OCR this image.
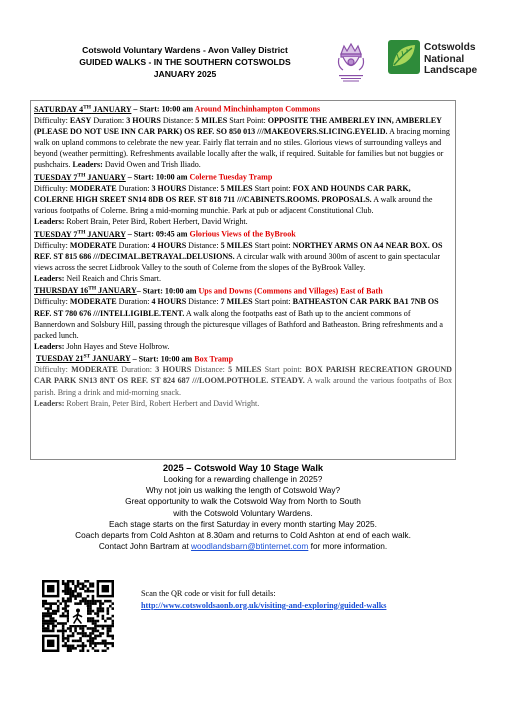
Cotswold Voluntary Wardens - Avon Valley District
GUIDED WALKS - IN THE SOUTHERN COTSWOLDS
JANUARY 2025
Cotswolds
National
Landscape

SATURDAY 4TH JANUARY – Start: 10:00 am Around Minchinhampton Commons
Difficulty: EASY Duration: 3 HOURS Distance: 5 MILES Start Point: OPPOSITE THE AMBERLEY INN, AMBERLEY (PLEASE DO NOT USE INN CAR PARK) OS REF. SO 850 013 ///MAKEOVERS.SLICING.EYELID. A bracing morning walk on upland commons to celebrate the new year. Fairly flat terrain and no stiles. Glorious views of surrounding valleys and beyond (weather permitting). Refreshments available locally after the walk, if required. Suitable for families but not buggies or pushchairs. Leaders: David Owen and Trish Iliado.

TUESDAY 7TH JANUARY – Start: 10:00 am Colerne Tuesday Tramp
Difficulty: MODERATE Duration: 3 HOURS Distance: 5 MILES Start point: FOX AND HOUNDS CAR PARK, COLERNE HIGH SREET SN14 8DB OS REF. ST 818 711 ///CABINETS.ROOMS. PROPOSALS. A walk around the various footpaths of Colerne. Bring a mid-morning munchie. Park at pub or adjacent Constitutional Club.
Leaders: Robert Brain, Peter Bird, Robert Herbert, David Wright.

TUESDAY 7TH JANUARY – Start: 09:45 am Glorious Views of the ByBrook
Difficulty: MODERATE Duration: 4 HOURS Distance: 5 MILES Start point: NORTHEY ARMS ON A4 NEAR BOX. OS REF. ST 815 686 ///DECIMAL.BETRAYAL.DELUSIONS. A circular walk with around 300m of ascent to gain spectacular views across the secret Lidbrook Valley to the south of Colerne from the slopes of the ByBrook Valley.
Leaders: Neil Reaich and Chris Smart.

THURSDAY 16TH JANUARY– Start: 10:00 am Ups and Downs (Commons and Villages) East of Bath
Difficulty: MODERATE Duration: 4 HOURS Distance: 7 MILES Start point: BATHEASTON CAR PARK BA1 7NB OS REF. ST 780 676 ///INTELLIGIBLE.TENT. A walk along the footpaths east of Bath up to the ancient commons of Bannerdown and Solsbury Hill, passing through the picturesque villages of Bathford and Batheaston. Bring refreshments and a packed lunch.
Leaders: John Hayes and Steve Holbrow.

TUESDAY 21ST JANUARY – Start: 10:00 am Box Tramp
Difficulty: MODERATE Duration: 3 HOURS Distance: 5 MILES Start point: BOX PARISH RECREATION GROUND CAR PARK SN13 8NT OS REF. ST 824 687 ///LOOM.POTHOLE. STEADY. A walk around the various footpaths of Box parish. Bring a drink and mid-morning snack.
Leaders: Robert Brain, Peter Bird, Robert Herbert and David Wright.

2025 – Cotswold Way 10 Stage Walk
Looking for a rewarding challenge in 2025?
Why not join us walking the length of Cotswold Way?
Great opportunity to walk the Cotswold Way from North to South
with the Cotswold Voluntary Wardens.
Each stage starts on the first Saturday in every month starting May 2025.
Coach departs from Cold Ashton at 8.30am and returns to Cold Ashton at end of each walk.
Contact John Bartram at woodlandsbarn@btinternet.com for more information.
Scan the QR code or visit for full details:
http://www.cotswoldsaonb.org.uk/visiting-and-exploring/guided-walks
